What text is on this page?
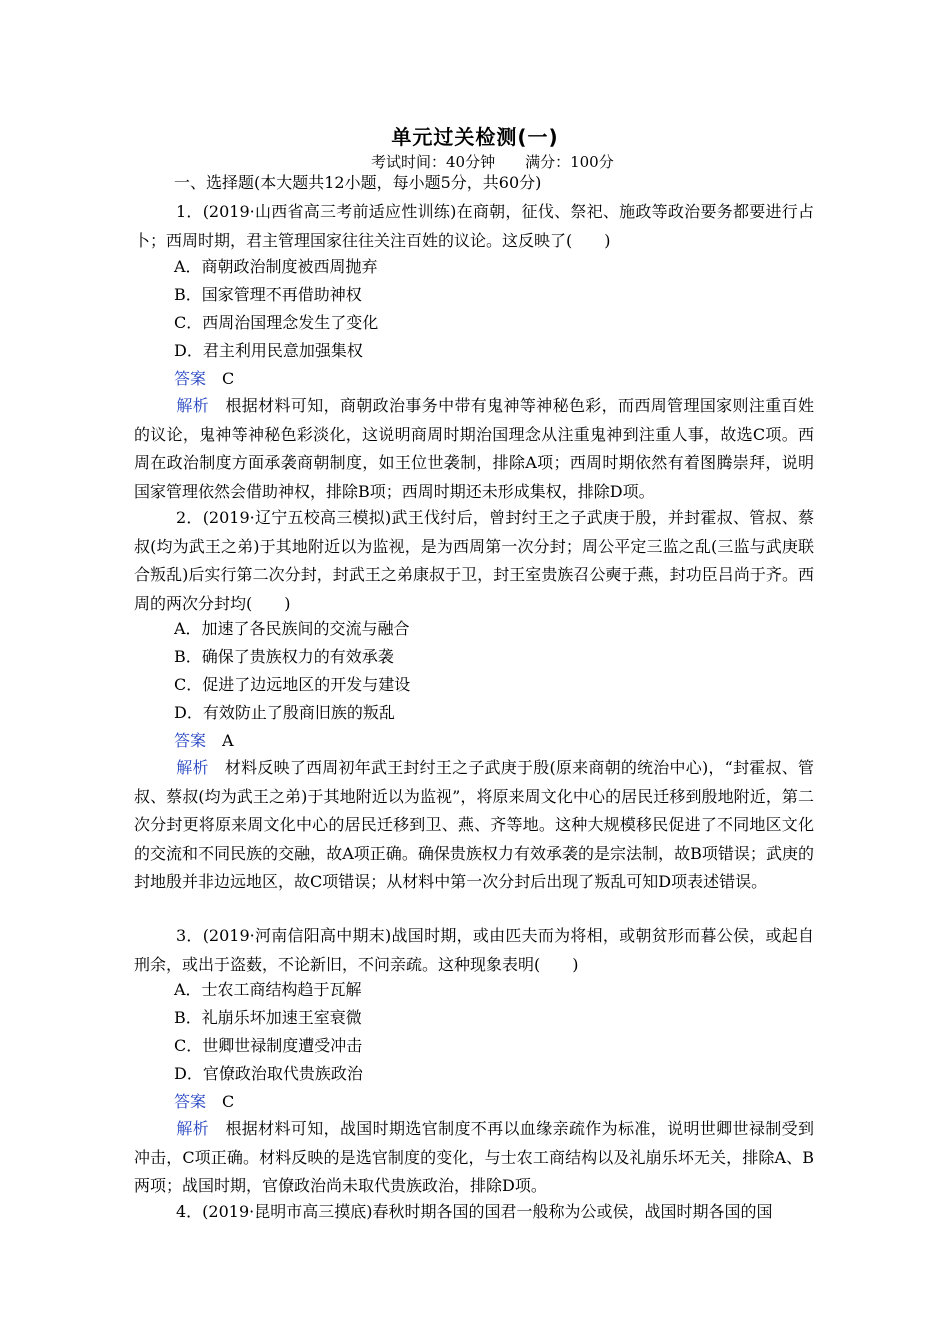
单元过关检测(一)
考试时间：40分钟　　满分：100分
一、选择题(本大题共12小题，每小题5分，共60分)
1．(2019·山西省高三考前适应性训练)在商朝，征伐、祭祀、施政等政治要务都要进行占卜；西周时期，君主管理国家往往关注百姓的议论。这反映了(　　)
A．商朝政治制度被西周抛弃
B．国家管理不再借助神权
C．西周治国理念发生了变化
D．君主利用民意加强集权
答案　 C
解析　 根据材料可知，商朝政治事务中带有鬼神等神秘色彩，而西周管理国家则注重百姓的议论，鬼神等神秘色彩淡化，这说明商周时期治国理念从注重鬼神到注重人事，故选C项。西周在政治制度方面承袭商朝制度，如王位世袭制，排除A项；西周时期依然有着图腾崇拜，说明国家管理依然会借助神权，排除B项；西周时期还未形成集权，排除D项。
2．(2019·辽宁五校高三模拟)武王伐纣后，曾封纣王之子武庚于殷，并封霍叔、管叔、蔡叔(均为武王之弟)于其地附近以为监视，是为西周第一次分封；周公平定三监之乱(三监与武庚联合叛乱)后实行第二次分封，封武王之弟康叔于卫，封王室贵族召公奭于燕，封功臣吕尚于齐。西周的两次分封均(　　)
A．加速了各民族间的交流与融合
B．确保了贵族权力的有效承袭
C．促进了边远地区的开发与建设
D．有效防止了殷商旧族的叛乱
答案　 A
解析　 材料反映了西周初年武王封纣王之子武庚于殷(原来商朝的统治中心)，“封霍叔、管叔、蔡叔(均为武王之弟)于其地附近以为监视”，将原来周文化中心的居民迁移到殷地附近，第二次分封更将原来周文化中心的居民迁移到卫、燕、齐等地。这种大规模移民促进了不同地区文化的交流和不同民族的交融，故A项正确。确保贵族权力有效承袭的是宗法制，故B项错误；武庚的封地殷并非边远地区，故C项错误；从材料中第一次分封后出现了叛乱可知D项表述错误。
3．(2019·河南信阳高中期末)战国时期，或由匹夫而为将相，或朝贫形而暮公侯，或起自刑余，或出于盗薮，不论新旧，不问亲疏。这种现象表明(　　)
A．士农工商结构趋于瓦解
B．礼崩乐坏加速王室衰微
C．世卿世禄制度遭受冲击
D．官僚政治取代贵族政治
答案　 C
解析　 根据材料可知，战国时期选官制度不再以血缘亲疏作为标准，说明世卿世禄制受到冲击，C项正确。材料反映的是选官制度的变化，与士农工商结构以及礼崩乐坏无关，排除A、B两项；战国时期，官僚政治尚未取代贵族政治，排除D项。
4．(2019·昆明市高三摸底)春秋时期各国的国君一般称为公或侯，战国时期各国的国
